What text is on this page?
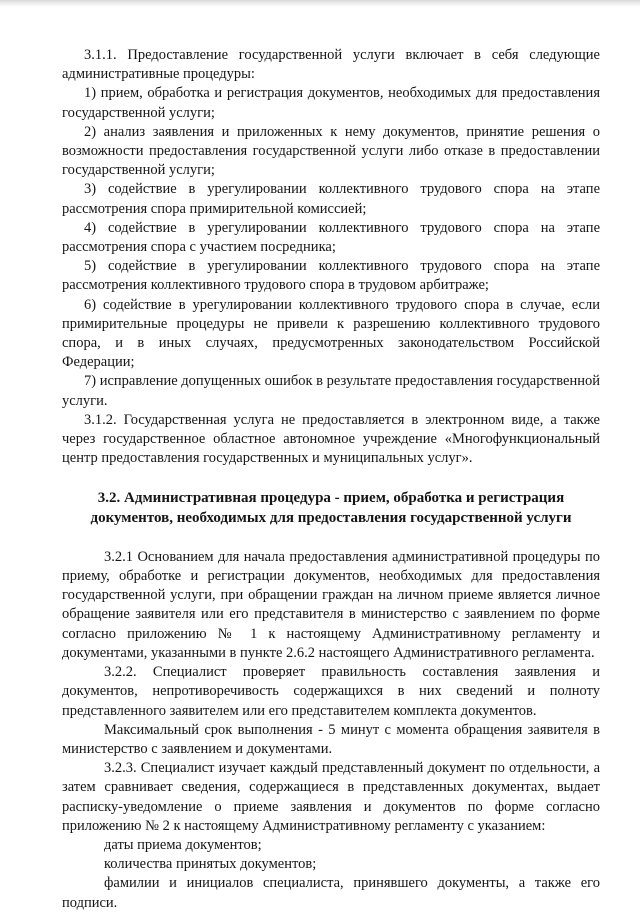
3.1.1. Предоставление государственной услуги включает в себя следующие административные процедуры:

1) прием, обработка и регистрация документов, необходимых для предоставления государственной услуги;

2) анализ заявления и приложенных к нему документов, принятие решения о возможности предоставления государственной услуги либо отказе в предоставлении государственной услуги;

3) содействие в урегулировании коллективного трудового спора на этапе рассмотрения спора примирительной комиссией;

4) содействие в урегулировании коллективного трудового спора на этапе рассмотрения спора с участием посредника;

5) содействие в урегулировании коллективного трудового спора на этапе рассмотрения коллективного трудового спора в трудовом арбитраже;

6) содействие в урегулировании коллективного трудового спора в случае, если примирительные процедуры не привели к разрешению коллективного трудового спора, и в иных случаях, предусмотренных законодательством Российской Федерации;

7) исправление допущенных ошибок в результате предоставления государственной услуги.

3.1.2. Государственная услуга не предоставляется в электронном виде, а также через государственное областное автономное учреждение «Многофункциональный центр предоставления государственных и муниципальных услуг».

3.2. Административная процедура - прием, обработка и регистрация документов, необходимых для предоставления государственной услуги

3.2.1 Основанием для начала предоставления административной процедуры по приему, обработке и регистрации документов, необходимых для предоставления государственной услуги, при обращении граждан на личном приеме является личное обращение заявителя или его представителя в министерство с заявлением по форме согласно приложению № 1 к настоящему Административному регламенту и документами, указанными в пункте 2.6.2 настоящего Административного регламента.

3.2.2. Специалист проверяет правильность составления заявления и документов, непротиворечивость содержащихся в них сведений и полноту представленного заявителем или его представителем комплекта документов.

Максимальный срок выполнения - 5 минут с момента обращения заявителя в министерство с заявлением и документами.

3.2.3. Специалист изучает каждый представленный документ по отдельности, а затем сравнивает сведения, содержащиеся в представленных документах, выдает расписку-уведомление о приеме заявления и документов по форме согласно приложению № 2 к настоящему Административному регламенту с указанием:

даты приема документов;

количества принятых документов;

фамилии и инициалов специалиста, принявшего документы, а также его подписи.
